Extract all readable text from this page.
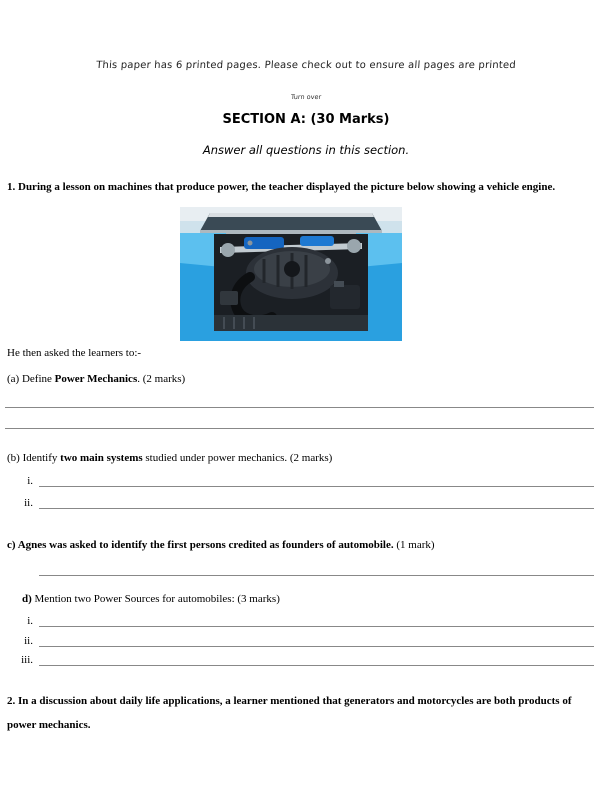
This paper has 6 printed pages. Please check out to ensure all pages are printed
Turn over
SECTION A: (30 Marks)
Answer all questions in this section.
1. During a lesson on machines that produce power, the teacher displayed the picture below showing a vehicle engine.
He then asked the learners to:-
(a) Define Power Mechanics. (2 marks)
(b) Identify two main systems studied under power mechanics. (2 marks)
i.
ii.
c) Agnes was asked to identify the first persons credited as founders of automobile. (1 mark)
d) Mention two Power Sources for automobiles: (3 marks)
i.
ii.
iii.
2. In a discussion about daily life applications, a learner mentioned that generators and motorcycles are both products of power mechanics.
